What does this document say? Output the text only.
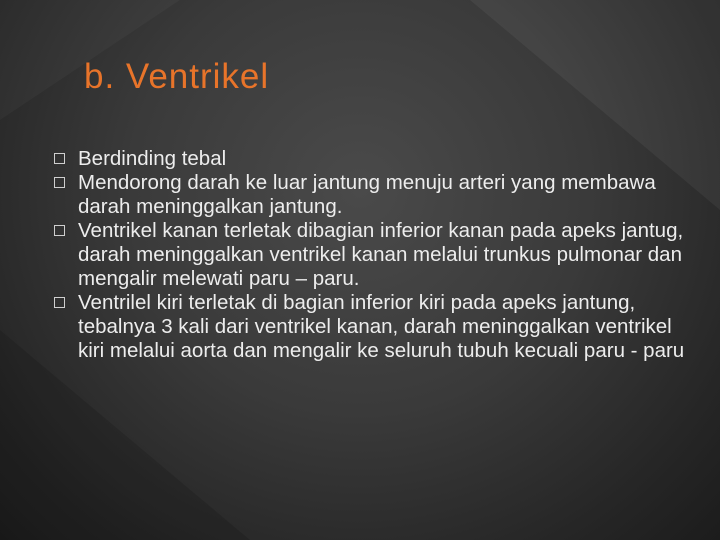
b. Ventrikel
Berdinding tebal
Mendorong darah ke luar jantung menuju arteri yang membawa darah meninggalkan jantung.
Ventrikel kanan terletak dibagian inferior kanan pada apeks jantug, darah meninggalkan ventrikel kanan melalui trunkus pulmonar dan mengalir melewati paru – paru.
Ventrilel kiri terletak di bagian inferior kiri pada apeks jantung, tebalnya 3 kali dari ventrikel kanan, darah meninggalkan ventrikel kiri melalui aorta dan mengalir ke seluruh tubuh kecuali paru - paru
